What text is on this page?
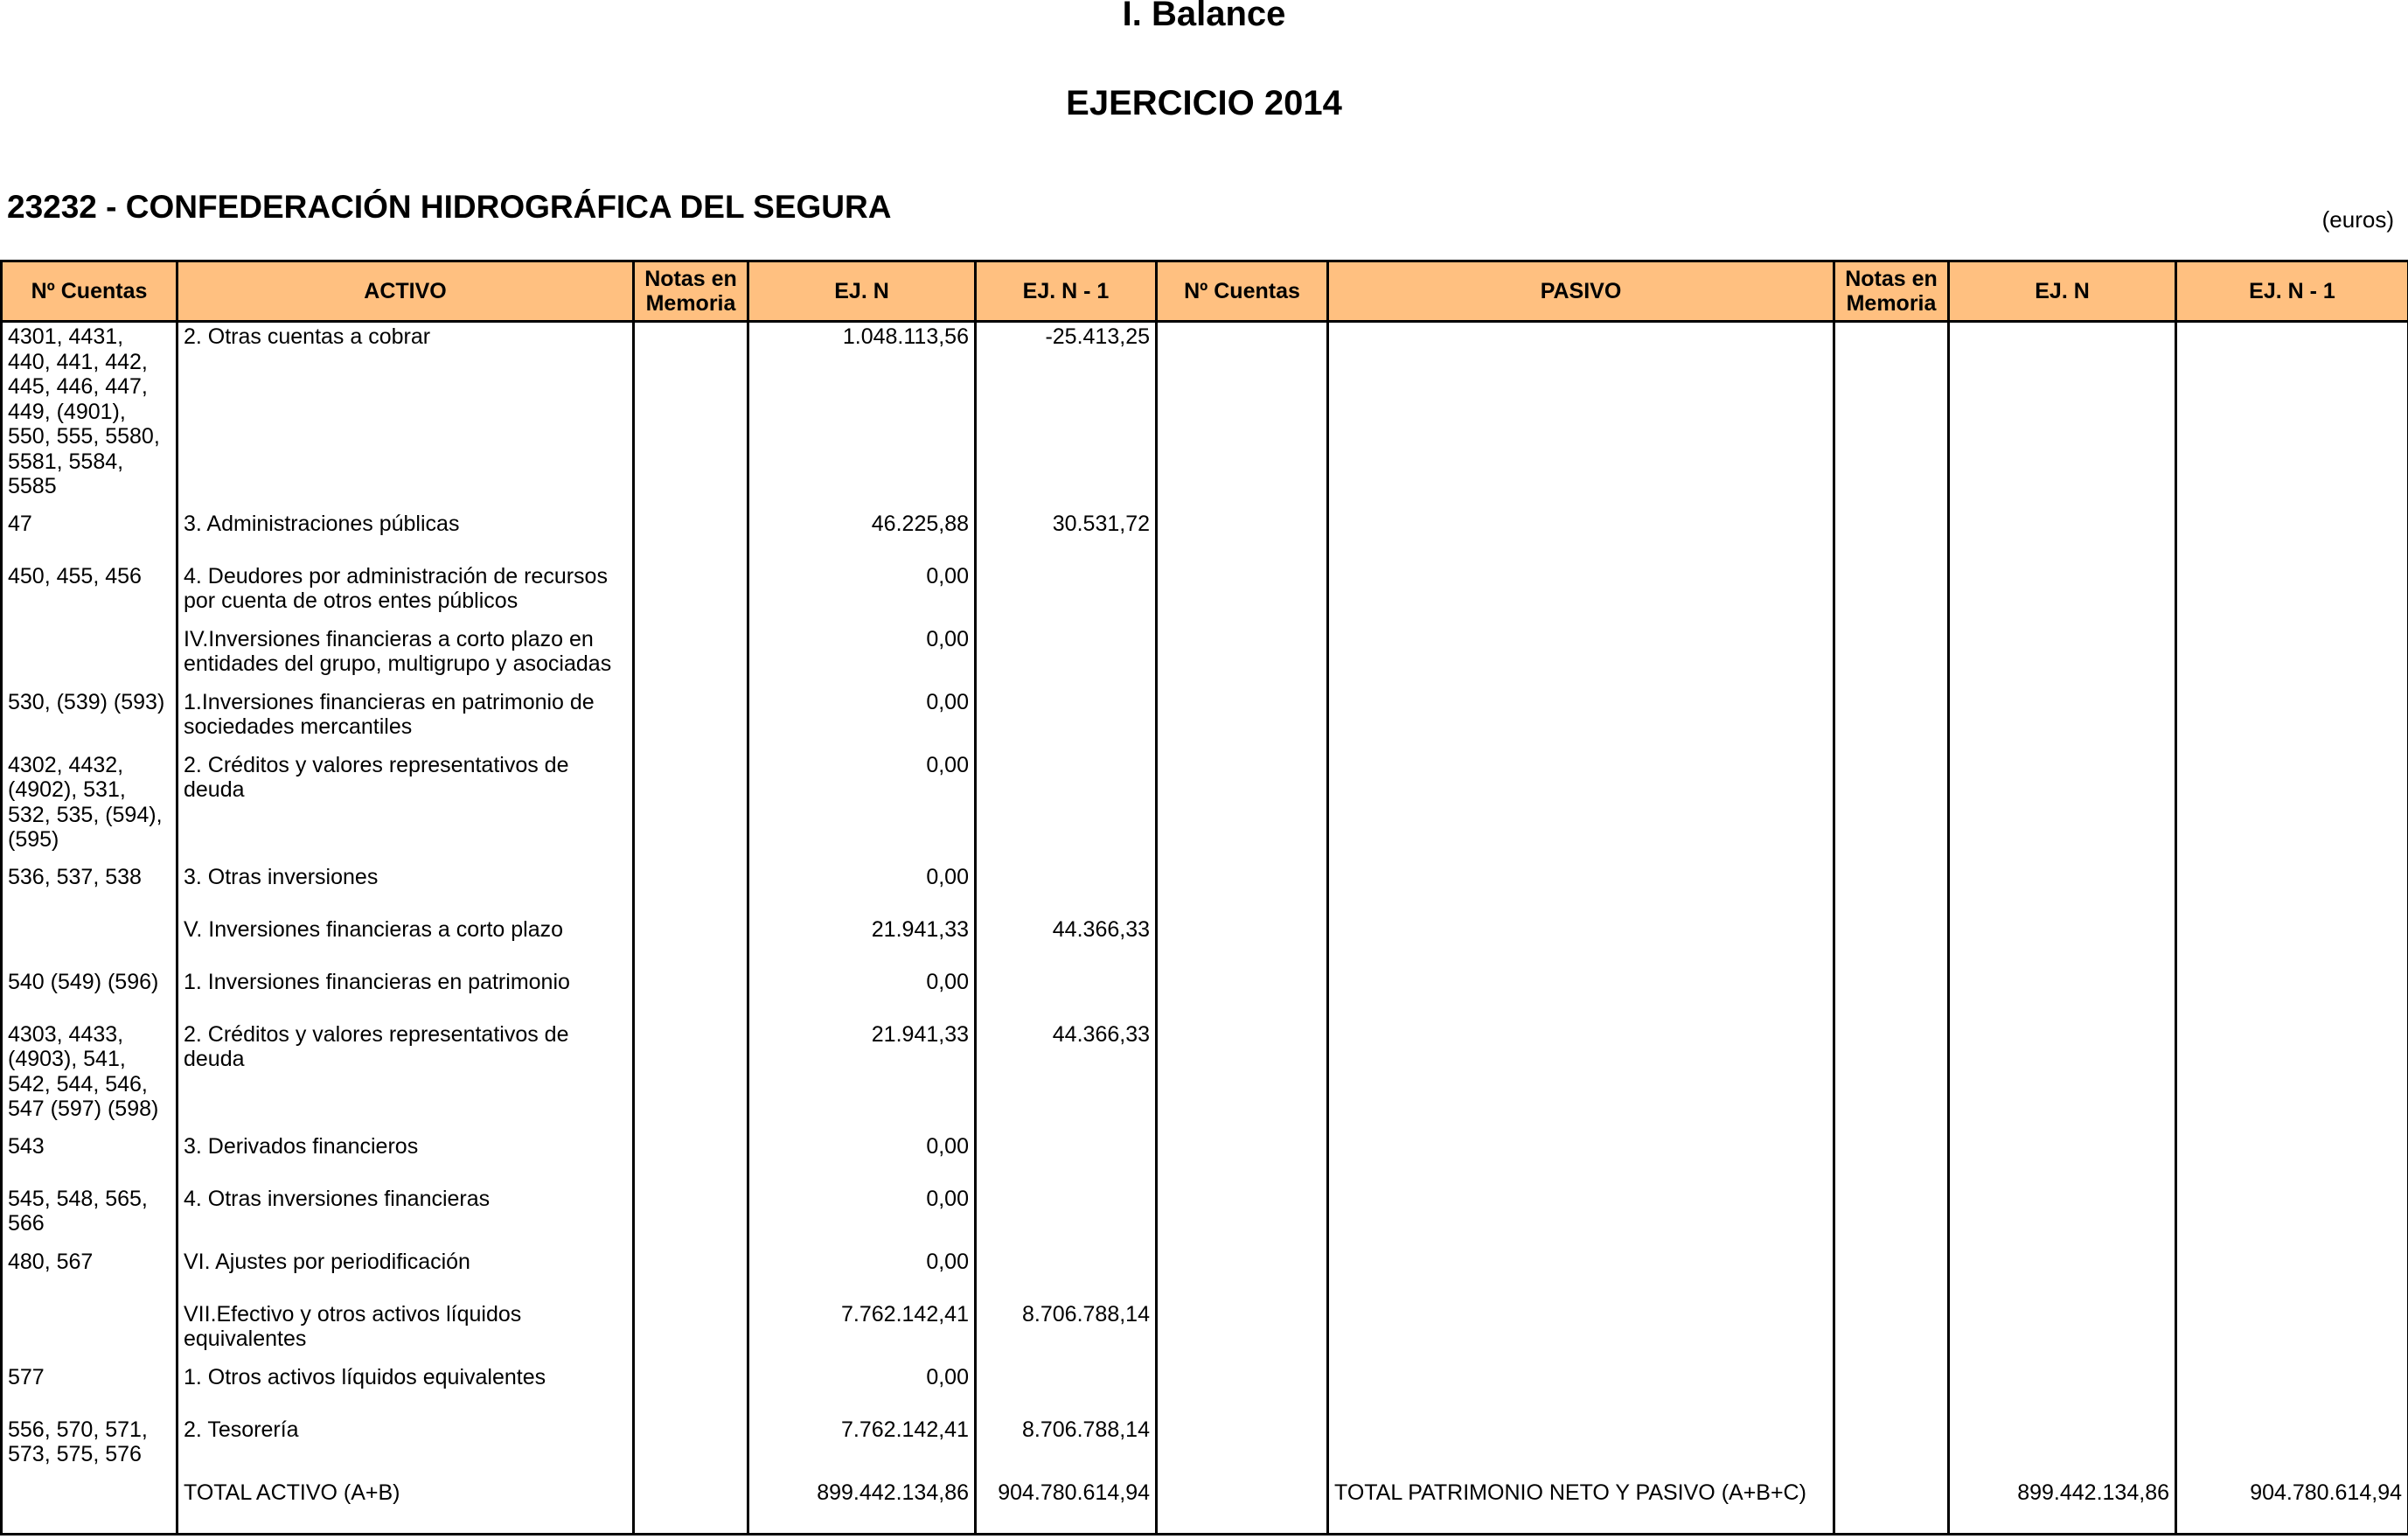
I. Balance
EJERCICIO 2014
23232 - CONFEDERACIÓN HIDROGRÁFICA DEL SEGURA	(euros)
Nº Cuentas	ACTIVO	Notas en Memoria	EJ. N	EJ. N - 1	Nº Cuentas	PASIVO	Notas en Memoria	EJ. N	EJ. N - 1
4301, 4431, 440, 441, 442, 445, 446, 447, 449, (4901), 550, 555, 5580, 5581, 5584, 5585	2. Otras cuentas a cobrar		1.048.113,56	-25.413,25					
47	3. Administraciones públicas		46.225,88	30.531,72					
450, 455, 456	4. Deudores por administración de recursos por cuenta de otros entes públicos		0,00						
	IV.Inversiones financieras a corto plazo en entidades del grupo, multigrupo y asociadas		0,00						
530, (539) (593)	1.Inversiones financieras en patrimonio de sociedades mercantiles		0,00						
4302, 4432, (4902), 531, 532, 535, (594), (595)	2. Créditos y valores representativos de deuda		0,00						
536, 537, 538	3. Otras inversiones		0,00						
	V. Inversiones financieras a corto plazo		21.941,33	44.366,33					
540 (549) (596)	1. Inversiones financieras en patrimonio		0,00						
4303, 4433, (4903), 541, 542, 544, 546, 547 (597) (598)	2. Créditos y valores representativos de deuda		21.941,33	44.366,33					
543	3. Derivados financieros		0,00						
545, 548, 565, 566	4. Otras inversiones financieras		0,00						
480, 567	VI. Ajustes por periodificación		0,00						
	VII.Efectivo y otros activos líquidos equivalentes		7.762.142,41	8.706.788,14					
577	1. Otros activos líquidos equivalentes		0,00						
556, 570, 571, 573, 575, 576	2. Tesorería		7.762.142,41	8.706.788,14					
	TOTAL ACTIVO (A+B)		899.442.134,86	904.780.614,94		TOTAL PATRIMONIO NETO Y PASIVO (A+B+C)		899.442.134,86	904.780.614,94
